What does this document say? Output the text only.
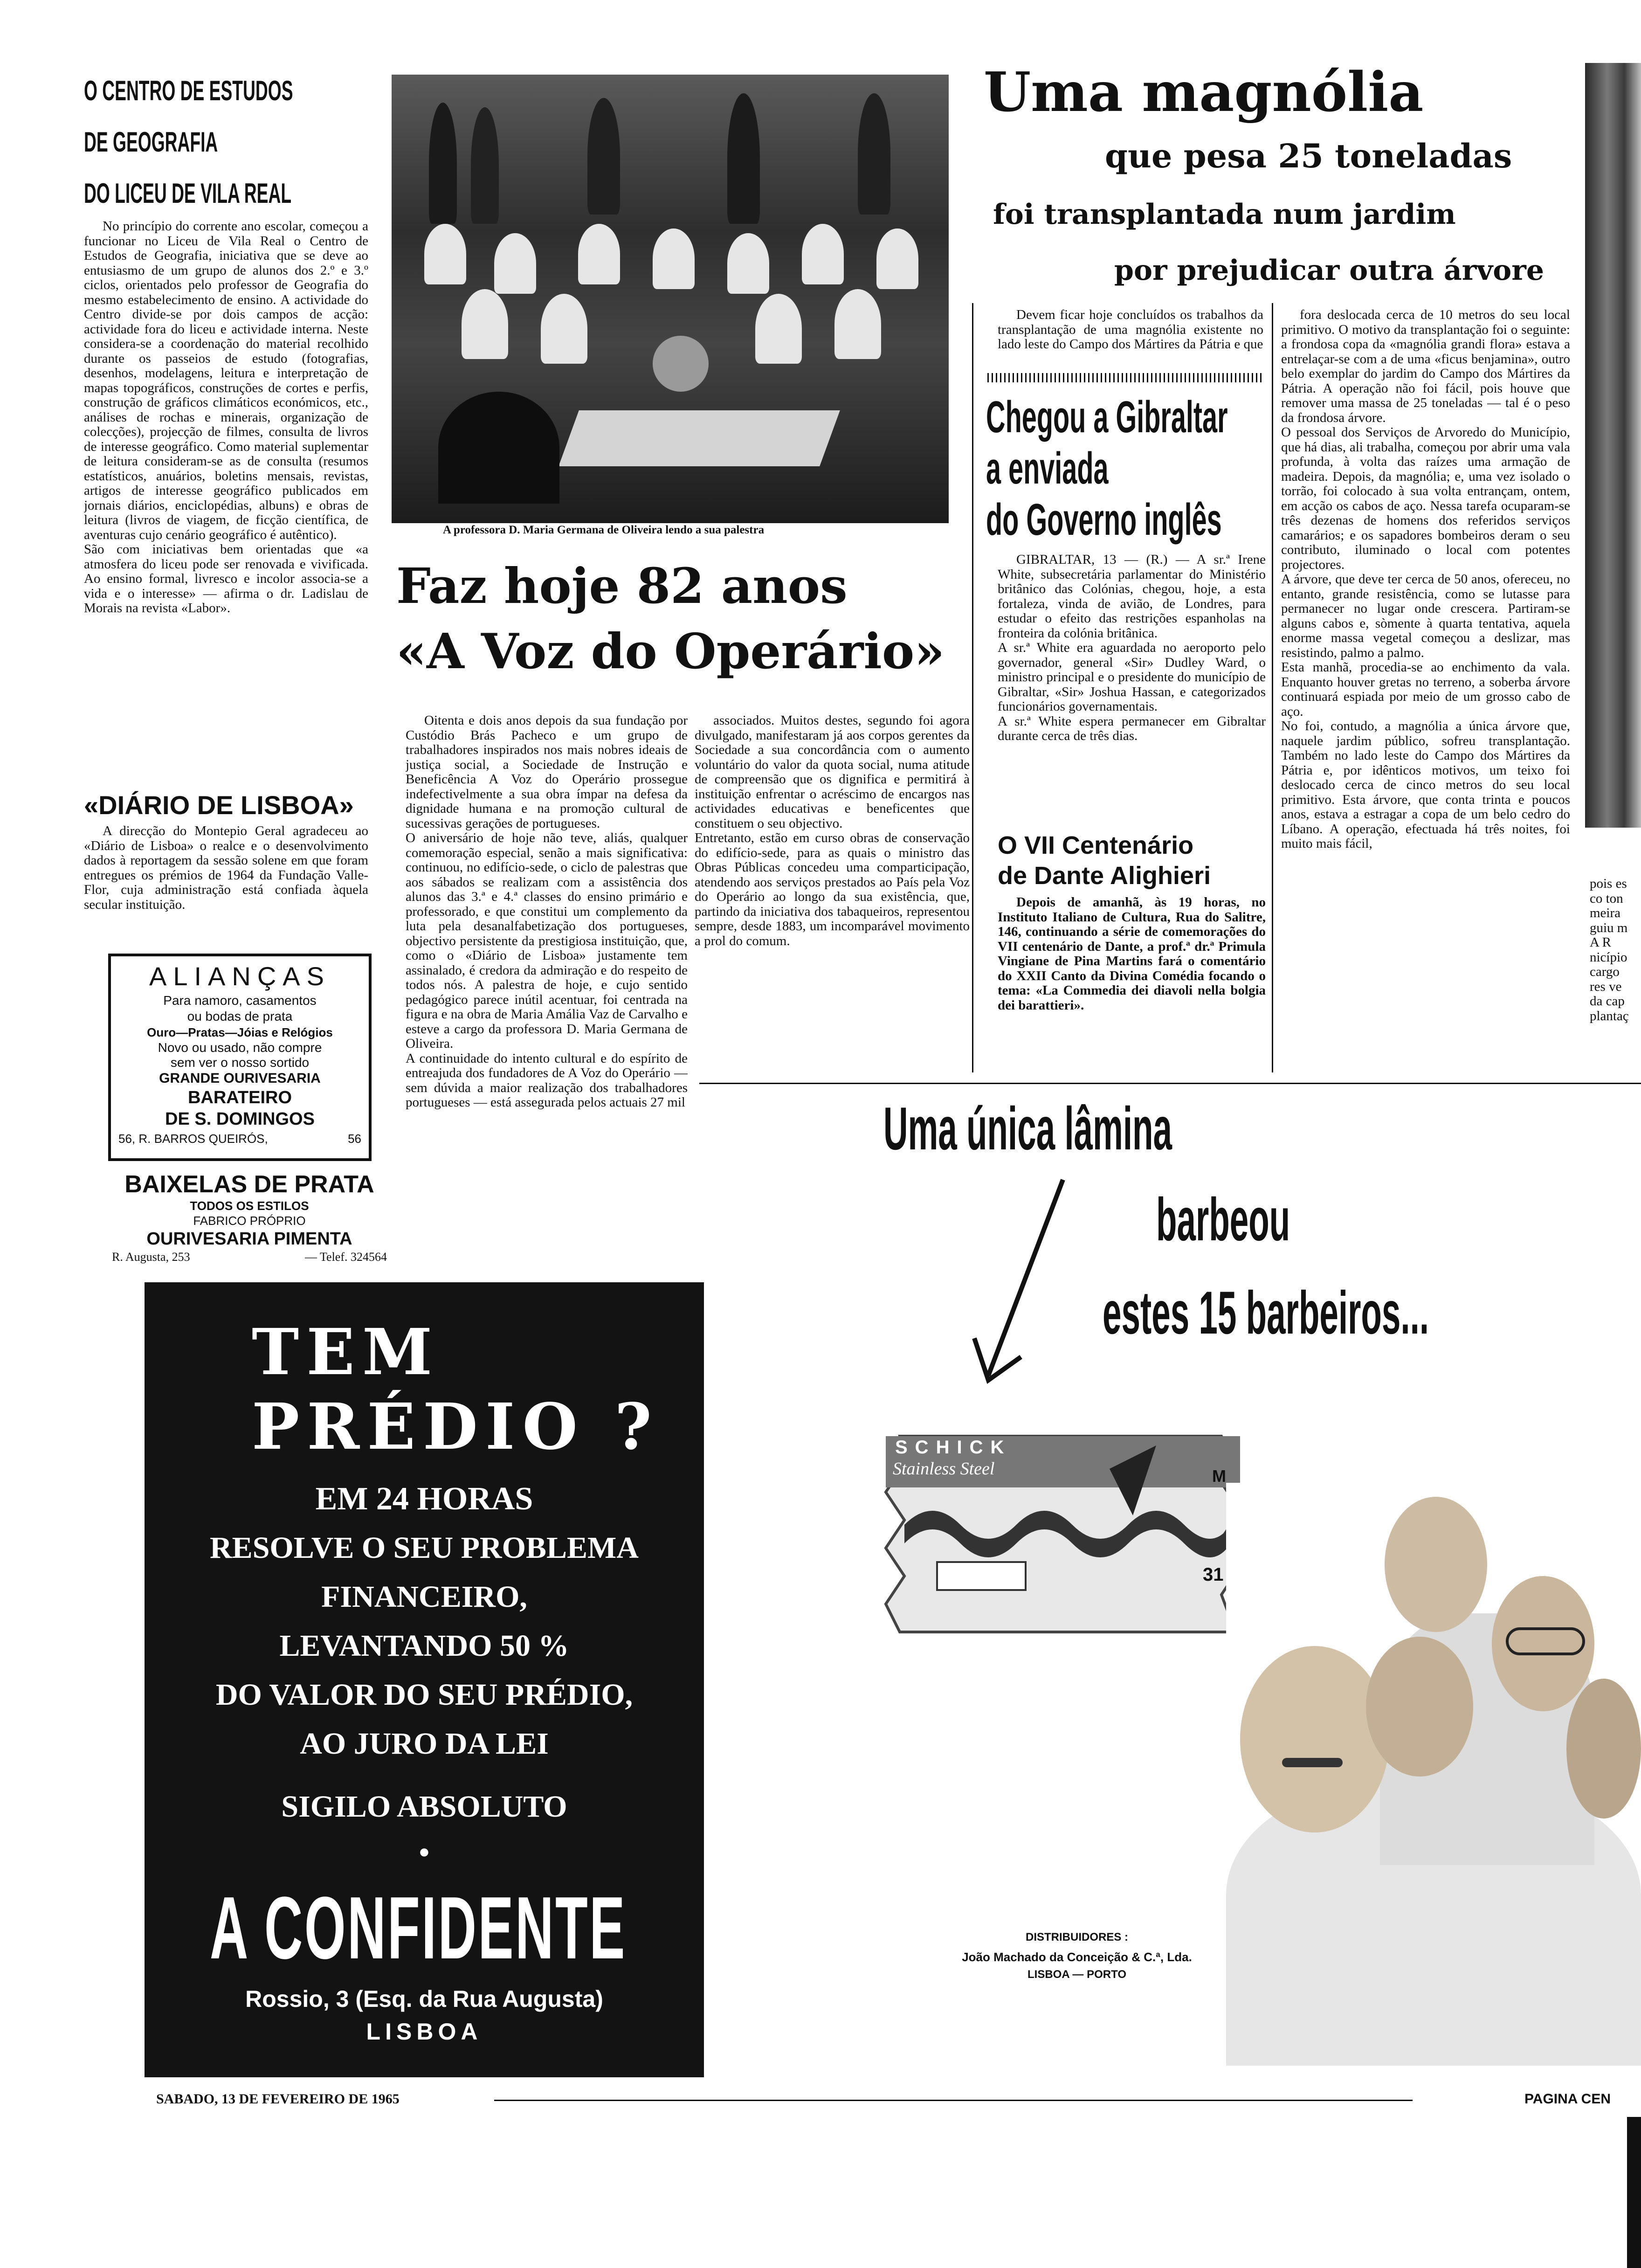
O CENTRO DE ESTUDOS
DE GEOGRAFIA
DO LICEU DE VILA REAL
No princípio do corrente ano escolar, começou a funcionar no Liceu de Vila Real o Centro de Estudos de Geografia, iniciativa que se deve ao entusiasmo de um grupo de alunos dos 2.º e 3.º ciclos, orientados pelo professor de Geografia do mesmo estabelecimento de ensino. A actividade do Centro divide-se por dois campos de acção: actividade fora do liceu e actividade interna. Neste considera-se a coordenação do material recolhido durante os passeios de estudo (fotografias, desenhos, modelagens, leitura e interpretação de mapas topográficos, construções de cortes e perfis, construção de gráficos climáticos económicos, etc., análises de rochas e minerais, organização de colecções), projecção de filmes, consulta de livros de interesse geográfico. Como material suplementar de leitura consideram-se as de consulta (resumos estatísticos, anuários, boletins mensais, revistas, artigos de interesse geográfico publicados em jornais diários, enciclopédias, albuns) e obras de leitura (livros de viagem, de ficção científica, de aventuras cujo cenário geográfico é autêntico).
São com iniciativas bem orientadas que «a atmosfera do liceu pode ser renovada e vivificada. Ao ensino formal, livresco e incolor associa-se a vida e o interesse» — afirma o dr. Ladislau de Morais na revista «Labor».
«DIÁRIO DE LISBOA»
A direcção do Montepio Geral agradeceu ao «Diário de Lisboa» o realce e o desenvolvimento dados à reportagem da sessão solene em que foram entregues os prémios de 1964 da Fundação Valle-Flor, cuja administração está confiada àquela secular instituição.
ALIANÇAS
Para namoro, casamentos
ou bodas de prata
Ouro—Pratas—Jóias e Relógios
Novo ou usado, não compre
sem ver o nosso sortido
GRANDE OURIVESARIA
BARATEIRO
DE S. DOMINGOS
56, R. BARROS QUEIRÓS,	56
BAIXELAS DE PRATA
TODOS OS ESTILOS
FABRICO PRÓPRIO
OURIVESARIA PIMENTA
R. Augusta, 253	— Telef. 324564
A professora D. Maria Germana de Oliveira lendo a sua palestra
Faz hoje 82 anos
«A Voz do Operário»
Oitenta e dois anos depois da sua fundação por Custódio Brás Pacheco e um grupo de trabalhadores inspirados nos mais nobres ideais de justiça social, a Sociedade de Instrução e Beneficência A Voz do Operário prossegue indefectivelmente a sua obra ímpar na defesa da dignidade humana e na promoção cultural de sucessivas gerações de portugueses.
O aniversário de hoje não teve, aliás, qualquer comemoração especial, senão a mais significativa: continuou, no edifício-sede, o ciclo de palestras que aos sábados se realizam com a assistência dos alunos das 3.ª e 4.ª classes do ensino primário e professorado, e que constitui um complemento da luta pela desanalfabetização dos portugueses, objectivo persistente da prestigiosa instituição, que, como o «Diário de Lisboa» justamente tem assinalado, é credora da admiração e do respeito de todos nós. A palestra de hoje, e cujo sentido pedagógico parece inútil acentuar, foi centrada na figura e na obra de Maria Amália Vaz de Carvalho e esteve a cargo da professora D. Maria Germana de Oliveira.
A continuidade do intento cultural e do espírito de entreajuda dos fundadores de A Voz do Operário — sem dúvida a maior realização dos trabalhadores portugueses — está assegurada pelos actuais 27 mil
associados. Muitos destes, segundo foi agora divulgado, manifestaram já aos corpos gerentes da Sociedade a sua concordância com o aumento voluntário do valor da quota social, numa atitude de compreensão que os dignifica e permitirá à instituição enfrentar o acréscimo de encargos nas actividades educativas e beneficentes que constituem o seu objectivo.
Entretanto, estão em curso obras de conservação do edifício-sede, para as quais o ministro das Obras Públicas concedeu uma comparticipação, atendendo aos serviços prestados ao País pela Voz do Operário ao longo da sua existência, que, partindo da iniciativa dos tabaqueiros, representou sempre, desde 1883, um incomparável movimento a prol do comum.
Uma magnólia
que pesa 25 toneladas
foi transplantada num jardim
por prejudicar outra árvore
Devem ficar hoje concluídos os trabalhos da transplantação de uma magnólia existente no lado leste do Campo dos Mártires da Pátria e que
fora deslocada cerca de 10 metros do seu local primitivo. O motivo da transplantação foi o seguinte: a frondosa copa da «magnólia grandi flora» estava a entrelaçar-se com a de uma «ficus benjamina», outro belo exemplar do jardim do Campo dos Mártires da Pátria. A operação não foi fácil, pois houve que remover uma massa de 25 toneladas — tal é o peso da frondosa árvore.
O pessoal dos Serviços de Arvoredo do Município, que há dias, ali trabalha, começou por abrir uma vala profunda, à volta das raízes uma armação de madeira. Depois, da magnólia; e, uma vez isolado o torrão, foi colocado à sua volta entrançam, ontem, em acção os cabos de aço. Nessa tarefa ocuparam-se três dezenas de homens dos referidos serviços camarários; e os sapadores bombeiros deram o seu contributo, iluminado o local com potentes projectores.
A árvore, que deve ter cerca de 50 anos, ofereceu, no entanto, grande resistência, como se lutasse para permanecer no lugar onde crescera. Partiram-se alguns cabos e, sòmente à quarta tentativa, aquela enorme massa vegetal começou a deslizar, mas resistindo, palmo a palmo.
Esta manhã, procedia-se ao enchimento da vala. Enquanto houver gretas no terreno, a soberba árvore continuará espiada por meio de um grosso cabo de aço.
No foi, contudo, a magnólia a única árvore que, naquele jardim público, sofreu transplantação. Também no lado leste do Campo dos Mártires da Pátria e, por idênticos motivos, um teixo foi deslocado cerca de cinco metros do seu local primitivo. Esta árvore, que conta trinta e poucos anos, estava a estragar a copa de um belo cedro do Líbano. A operação, efectuada há três noites, foi muito mais fácil,
pois es
co ton
meira
guiu m
A R
nicípio
cargo
res ve
da cap
plantaç
Chegou a Gibraltar
a enviada
do Governo inglês
GIBRALTAR, 13 — (R.) — A sr.ª Irene White, subsecretária parlamentar do Ministério britânico das Colónias, chegou, hoje, a esta fortaleza, vinda de avião, de Londres, para estudar o efeito das restrições espanholas na fronteira da colónia britânica.
A sr.ª White era aguardada no aeroporto pelo governador, general «Sir» Dudley Ward, o ministro principal e o presidente do município de Gibraltar, «Sir» Joshua Hassan, e categorizados funcionários governamentais.
A sr.ª White espera permanecer em Gibraltar durante cerca de três dias.
O VII Centenário
de Dante Alighieri
Depois de amanhã, às 19 horas, no Instituto Italiano de Cultura, Rua do Salitre, 146, continuando a série de comemorações do VII centenário de Dante, a prof.ª dr.ª Primula Vingiane de Pina Martins fará o comentário do XXII Canto da Divina Comédia focando o tema: «La Commedia dei diavoli nella bolgia dei barattieri».
TEM
PRÉDIO ?
EM 24 HORAS
RESOLVE O SEU PROBLEMA
FINANCEIRO,
LEVANTANDO 50 %
DO VALOR DO SEU PRÉDIO,
AO JURO DA LEI
SIGILO ABSOLUTO
•
A CONFIDENTE
Rossio, 3 (Esq. da Rua Augusta)
LISBOA
Uma única lâmina
barbeou
estes 15 barbeiros...
SCHICK
Stainless Steel	M
31
DISTRIBUIDORES :
João Machado da Conceição & C.ª, Lda.
LISBOA — PORTO
SABADO, 13 DE FEVEREIRO DE 1965	PAGINA CEN
